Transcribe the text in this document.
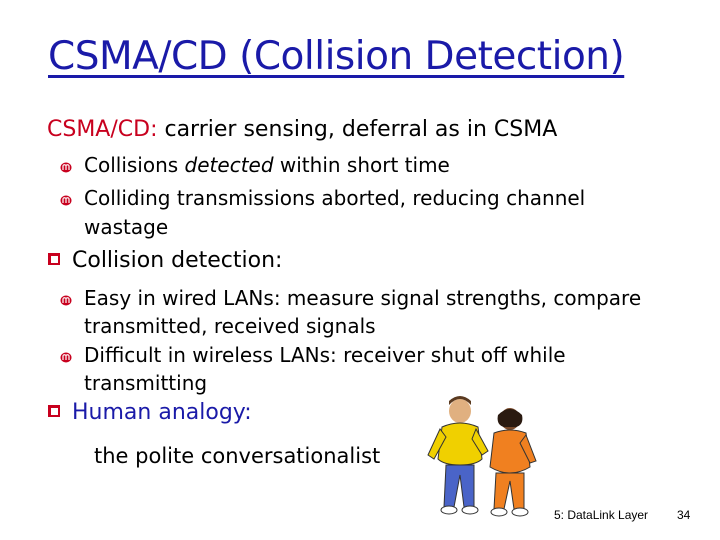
CSMA/CD (Collision Detection)
CSMA/CD: carrier sensing, deferral as in CSMA
Collisions detected within short time
Colliding transmissions aborted, reducing channel wastage
Collision detection:
Easy in wired LANs: measure signal strengths, compare transmitted, received signals
Difficult in wireless LANs: receiver shut off while transmitting
Human analogy:
the polite conversationalist
5: DataLink Layer 34
